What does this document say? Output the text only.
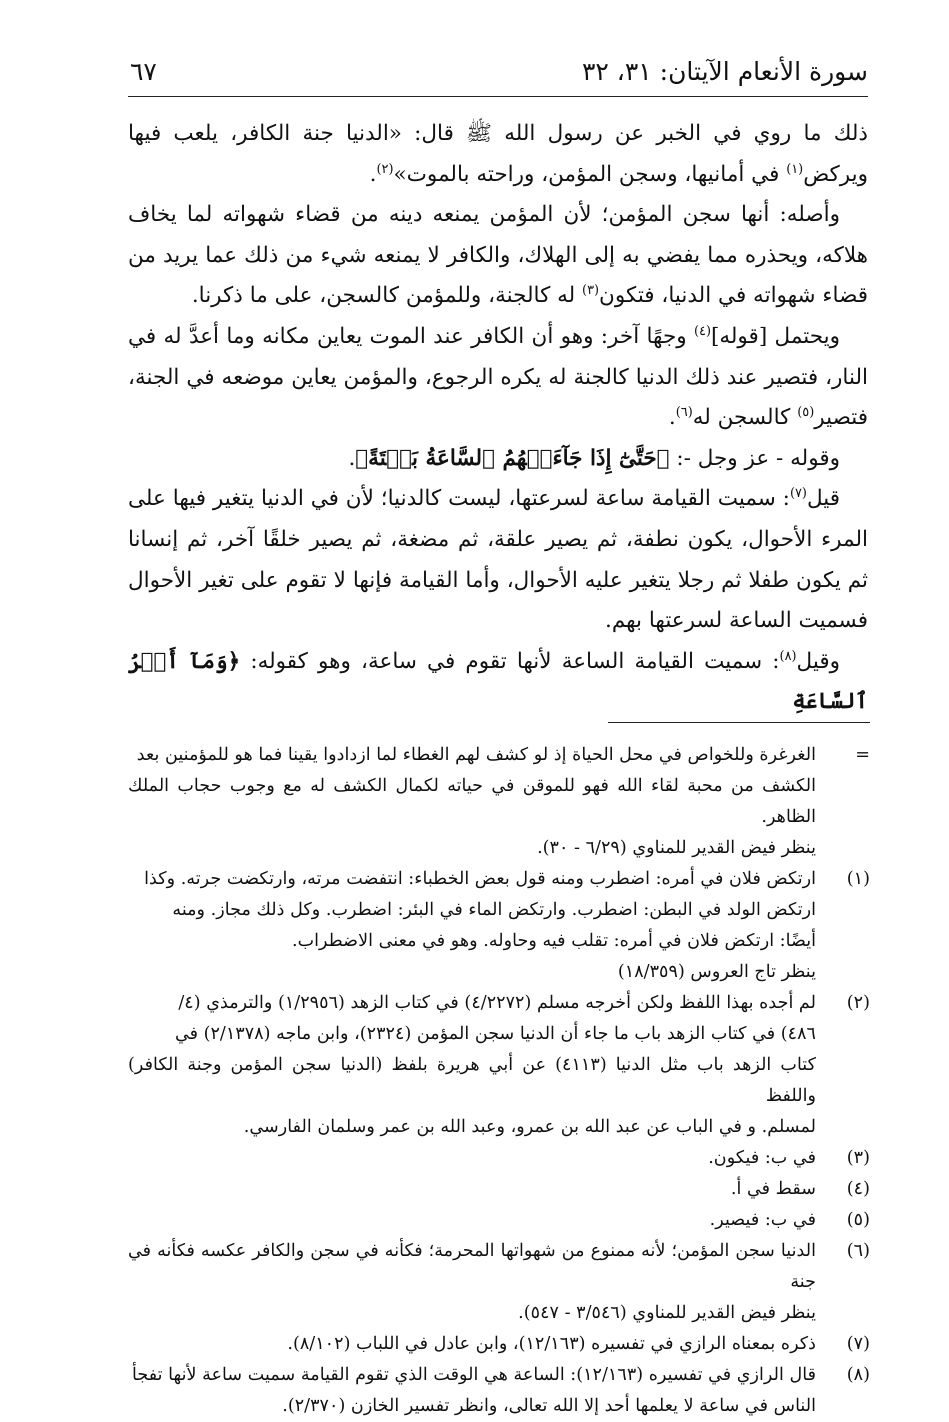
سورة الأنعام الآيتان: ٣١، ٣٢
٦٧

ذلك ما روي في الخبر عن رسول الله ﷺ قال: «الدنيا جنة الكافر، يلعب فيها ويركض$^{(١)}$ في أمانيها، وسجن المؤمن، وراحته بالموت»$^{(٢)}$.

وأصله: أنها سجن المؤمن؛ لأن المؤمن يمنعه دينه من قضاء شهواته لما يخاف هلاكه، ويحذره مما يفضي به إلى الهلاك، والكافر لا يمنعه شيء من ذلك عما يريد من قضاء شهواته في الدنيا، فتكون$^{(٣)}$ له كالجنة، وللمؤمن كالسجن، على ما ذكرنا.

ويحتمل [قوله]$^{(٤)}$ وجهًا آخر: وهو أن الكافر عند الموت يعاين مكانه وما أعدَّ له في النار، فتصير عند ذلك الدنيا كالجنة له يكره الرجوع، والمؤمن يعاين موضعه في الجنة، فتصير$^{(٥)}$ كالسجن له$^{(٦)}$.

وقوله - عز وجل -: ﴿حَتَّىٰٓ إِذَا جَآءَتۡهُمُ ٱلسَّاعَةُ بَغۡتَةً﴾.

قيل$^{(٧)}$: سميت القيامة ساعة لسرعتها، ليست كالدنيا؛ لأن في الدنيا يتغير فيها على المرء الأحوال، يكون نطفة، ثم يصير علقة، ثم مضغة، ثم يصير خلقًا آخر، ثم إنسانا ثم يكون طفلا ثم رجلا يتغير عليه الأحوال، وأما القيامة فإنها لا تقوم على تغير الأحوال فسميت الساعة لسرعتها بهم.

وقيل$^{(٨)}$: سميت القيامة الساعة لأنها تقوم في ساعة، وهو كقوله: ﴿وَمَآ أَمۡرُ ٱلسَّاعَةِ

=
الغرغرة وللخواص في محل الحياة إذ لو كشف لهم الغطاء لما ازدادوا يقينا فما هو للمؤمنين بعد
الكشف من محبة لقاء الله فهو للموقن في حياته لكمال الكشف له مع وجوب حجاب الملك الظاهر.
ينظر فيض القدير للمناوي (٦/٢٩ - ٣٠).
(١)
ارتكض فلان في أمره: اضطرب ومنه قول بعض الخطباء: انتفضت مرته، وارتكضت جرته. وكذا
ارتكض الولد في البطن: اضطرب. وارتكض الماء في البئر: اضطرب. وكل ذلك مجاز. ومنه
أيضًا: ارتكض فلان في أمره: تقلب فيه وحاوله. وهو في معنى الاضطراب.
ينظر تاج العروس (١٨/٣٥٩)
(٢)
لم أجده بهذا اللفظ ولكن أخرجه مسلم (٤/٢٢٧٢) في كتاب الزهد (١/٢٩٥٦) والترمذي (٤/
٤٨٦) في كتاب الزهد باب ما جاء أن الدنيا سجن المؤمن (٢٣٢٤)، وابن ماجه (٢/١٣٧٨) في
كتاب الزهد باب مثل الدنيا (٤١١٣) عن أبي هريرة بلفظ (الدنيا سجن المؤمن وجنة الكافر) واللفظ
لمسلم. و في الباب عن عبد الله بن عمرو، وعبد الله بن عمر وسلمان الفارسي.
(٣)
في ب: فيكون.
(٤)
سقط في أ.
(٥)
في ب: فيصير.
(٦)
الدنيا سجن المؤمن؛ لأنه ممنوع من شهواتها المحرمة؛ فكأنه في سجن والكافر عكسه فكأنه في جنة
ينظر فيض القدير للمناوي (٣/٥٤٦ - ٥٤٧).
(٧)
ذكره بمعناه الرازي في تفسيره (١٢/١٦٣)، وابن عادل في اللباب (٨/١٠٢).
(٨)
قال الرازي في تفسيره (١٢/١٦٣): الساعة هي الوقت الذي تقوم القيامة سميت ساعة لأنها تفجأ
الناس في ساعة لا يعلمها أحد إلا الله تعالى، وانظر تفسير الخازن (٢/٣٧٠).
